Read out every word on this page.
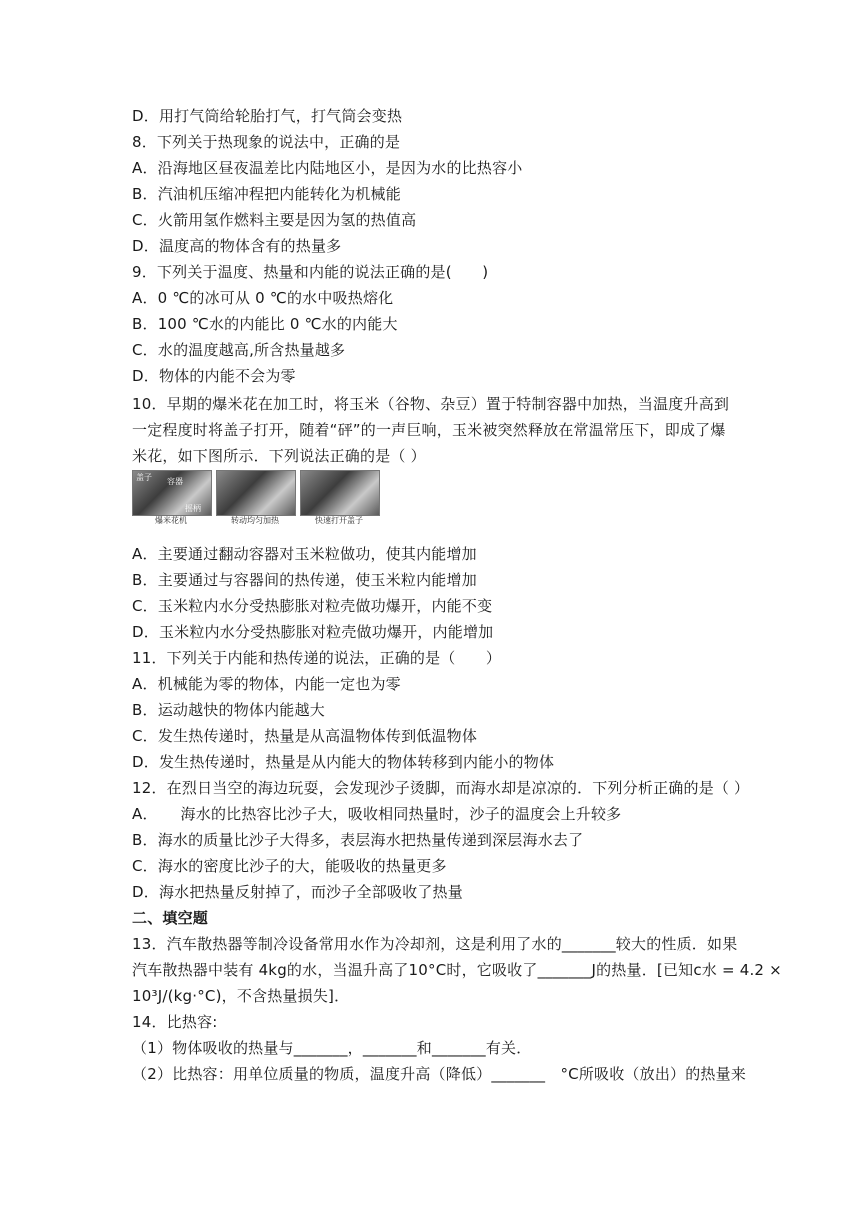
D．用打气筒给轮胎打气，打气筒会变热
8．下列关于热现象的说法中，正确的是
A．沿海地区昼夜温差比内陆地区小，是因为水的比热容小
B．汽油机压缩冲程把内能转化为机械能
C．火箭用氢作燃料主要是因为氢的热值高
D．温度高的物体含有的热量多
9．下列关于温度、热量和内能的说法正确的是(　　)
A．0 ℃的冰可从 0 ℃的水中吸热熔化
B．100 ℃水的内能比 0 ℃水的内能大
C．水的温度越高,所含热量越多
D．物体的内能不会为零
10．早期的爆米花在加工时，将玉米（谷物、杂豆）置于特制容器中加热，当温度升高到
一定程度时将盖子打开，随着“砰”的一声巨响，玉米被突然释放在常温常压下，即成了爆
米花，如下图所示．下列说法正确的是（ ）
盖子 容器
摇柄
爆米花机	转动均匀加热	快速打开盖子
A．主要通过翻动容器对玉米粒做功，使其内能增加
B．主要通过与容器间的热传递，使玉米粒内能增加
C．玉米粒内水分受热膨胀对粒壳做功爆开，内能不变
D．玉米粒内水分受热膨胀对粒壳做功爆开，内能增加
11．下列关于内能和热传递的说法，正确的是（　　）
A．机械能为零的物体，内能一定也为零
B．运动越快的物体内能越大
C．发生热传递时，热量是从高温物体传到低温物体
D．发生热传递时，热量是从内能大的物体转移到内能小的物体
12．在烈日当空的海边玩耍，会发现沙子烫脚，而海水却是凉凉的．下列分析正确的是（ ）
A．　　海水的比热容比沙子大，吸收相同热量时，沙子的温度会上升较多
B．海水的质量比沙子大得多，表层海水把热量传递到深层海水去了
C．海水的密度比沙子的大，能吸收的热量更多
D．海水把热量反射掉了，而沙子全部吸收了热量
二、填空题
13．汽车散热器等制冷设备常用水作为冷却剂，这是利用了水的_______较大的性质．如果
汽车散热器中装有 4kg的水，当温升高了10°C时，它吸收了_______J的热量．[已知c水 = 4.2 ×
10³J/(kg·°C)，不含热量损失]．
14．比热容:
（1）物体吸收的热量与_______，_______和_______有关．
（2）比热容：用单位质量的物质，温度升高（降低）_______　°C所吸收（放出）的热量来
